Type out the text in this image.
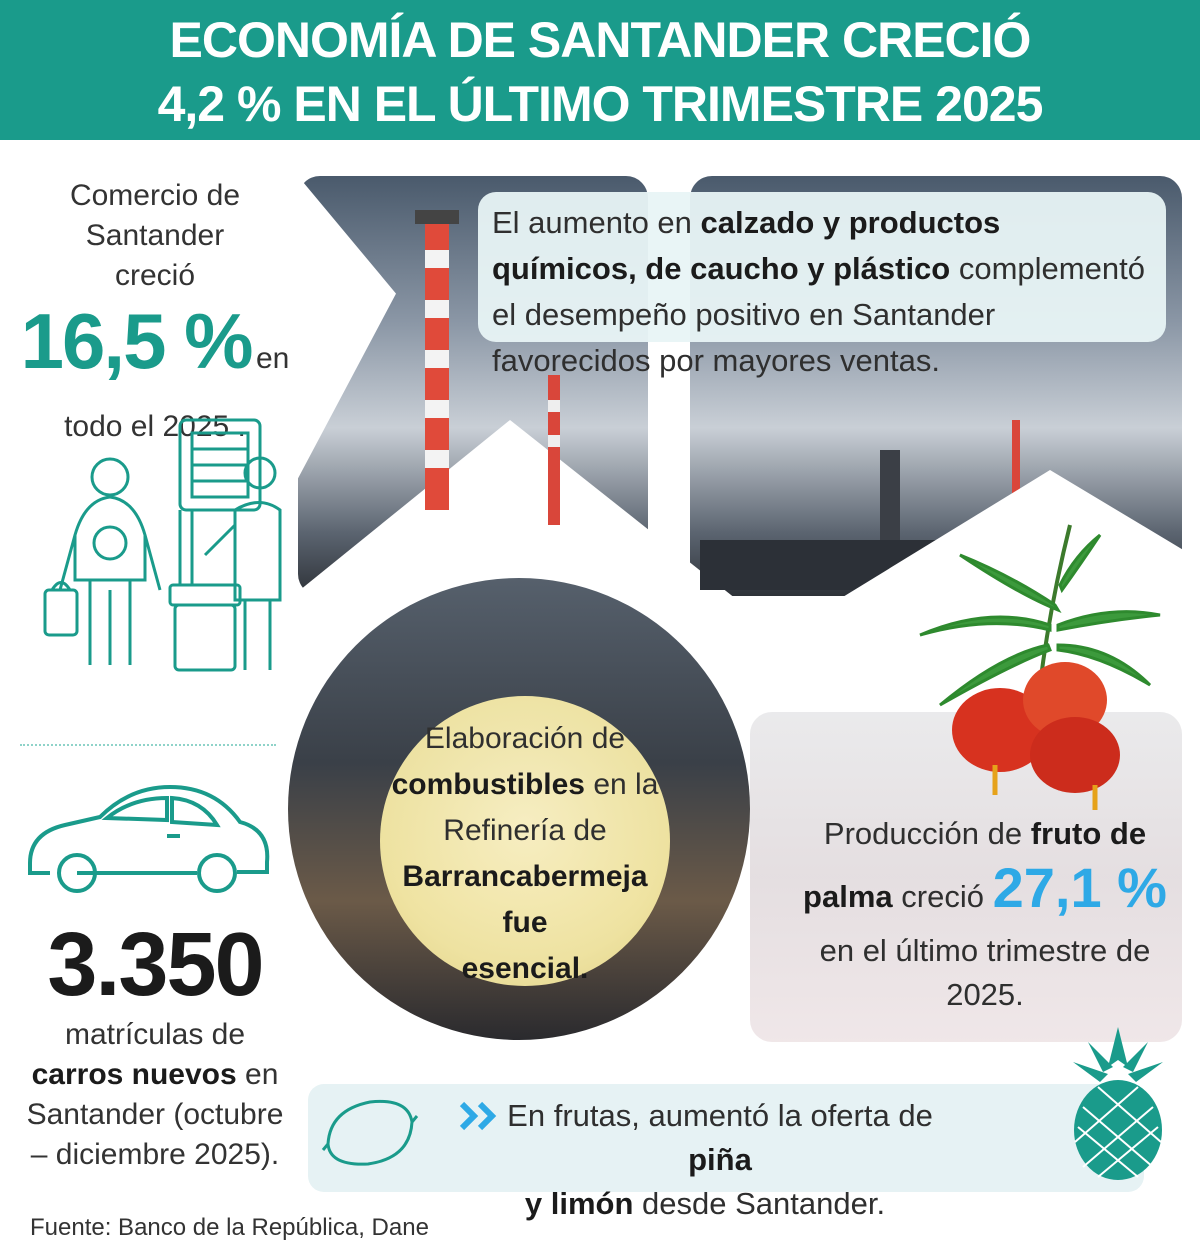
ECONOMÍA DE SANTANDER CRECIÓ
4,2 % EN EL ÚLTIMO TRIMESTRE 2025
Comercio de Santander creció
16,5 % en
todo el 2025 .
3.350
matrículas de
carros nuevos en
Santander (octubre
– diciembre 2025).
El aumento en calzado y productos químicos, de caucho y plástico complementó el desempeño positivo en Santander favorecidos por mayores ventas.
Elaboración de
combustibles en la
Refinería de
Barrancabermeja fue
esencial.
Producción de fruto de
palma creció 27,1 %
en el último trimestre de
2025.
En frutas, aumentó la oferta de piña
y limón desde Santander.
Fuente: Banco de la República, Dane
